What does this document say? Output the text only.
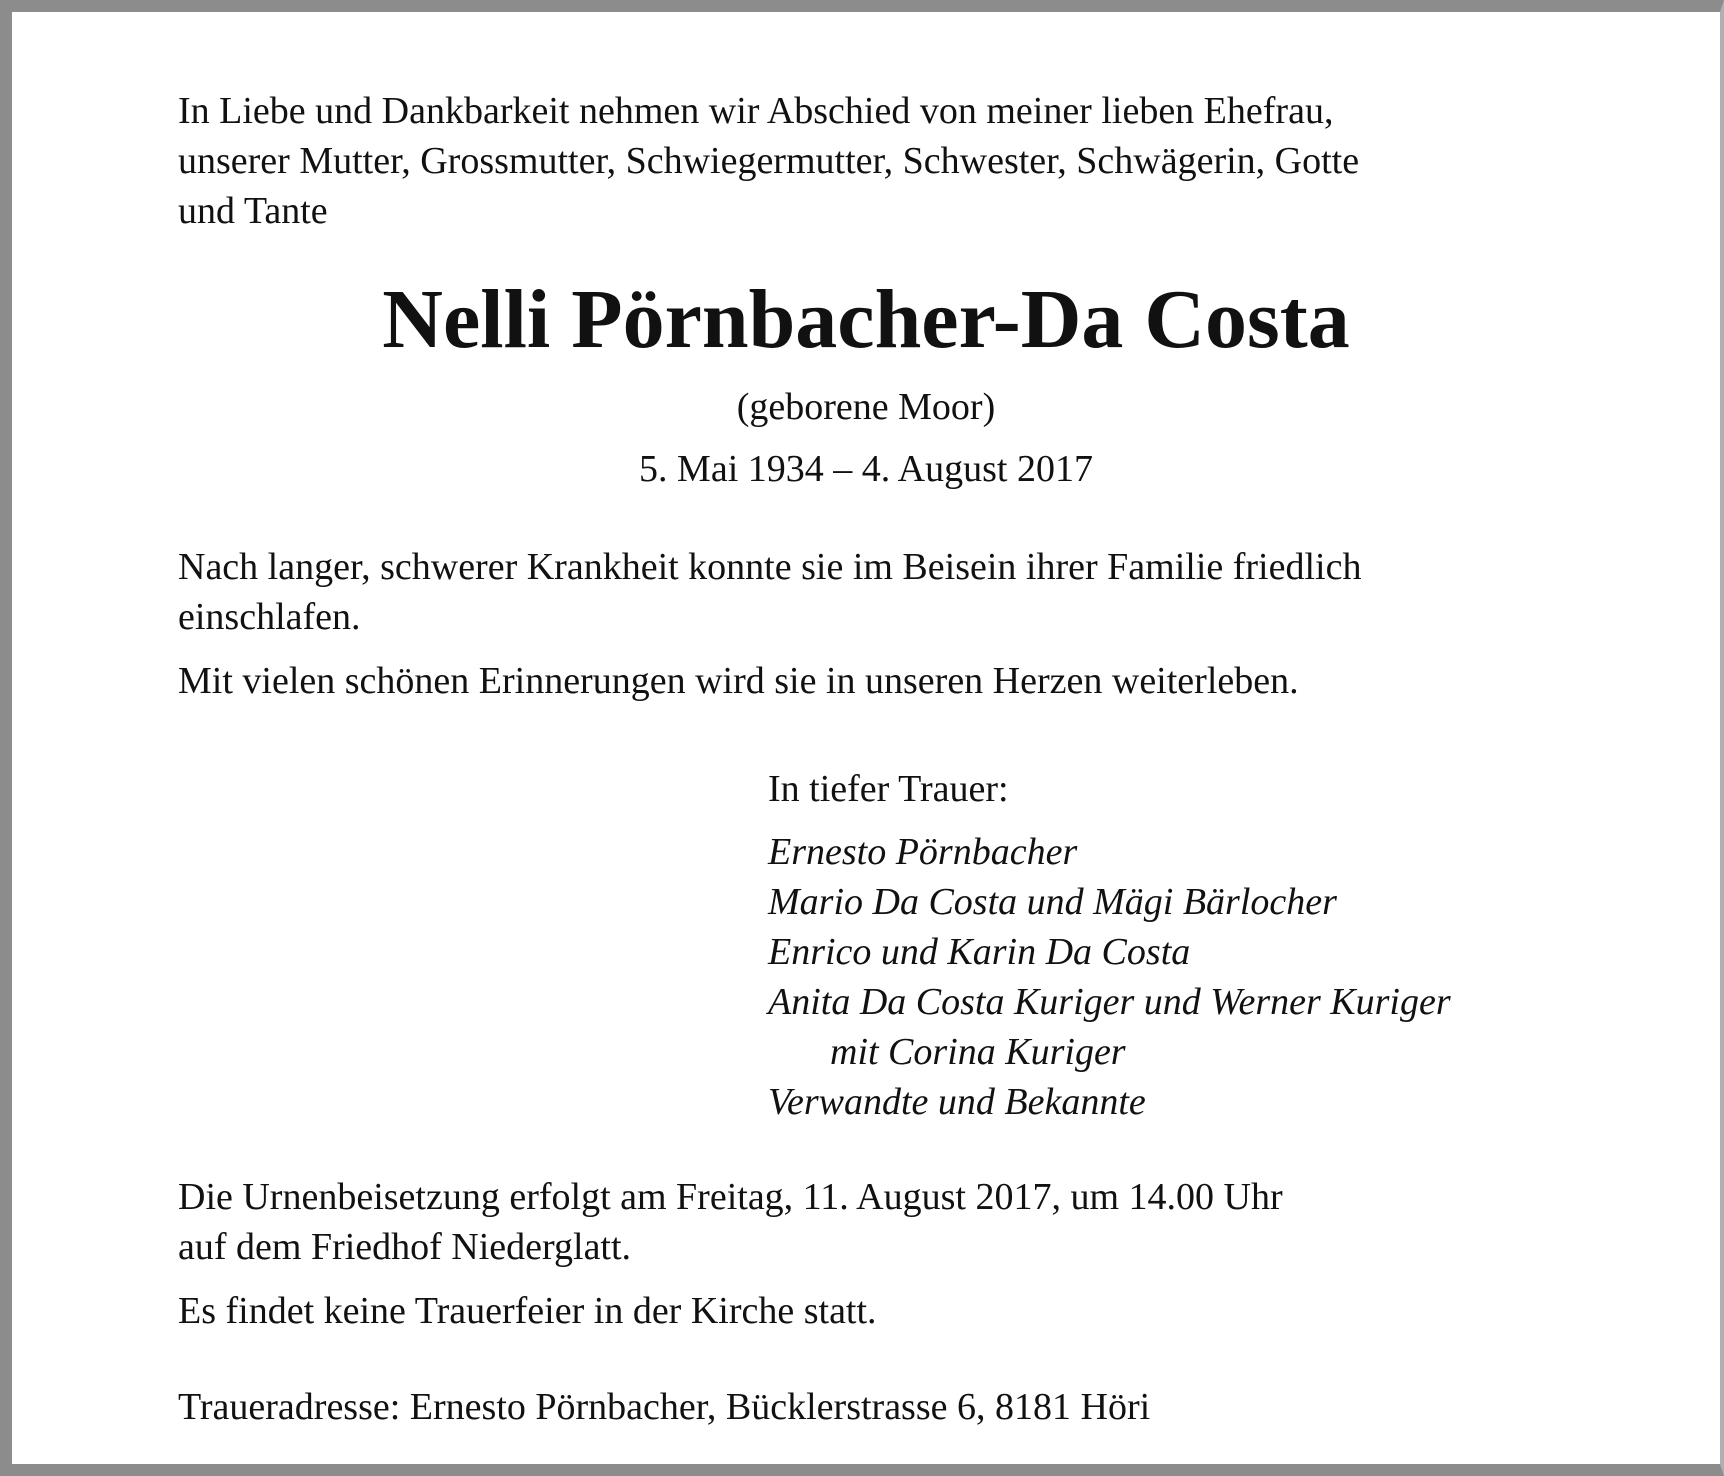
In Liebe und Dankbarkeit nehmen wir Abschied von meiner lieben Ehefrau,
unserer Mutter, Grossmutter, Schwiegermutter, Schwester, Schwägerin, Gotte
und Tante

Nelli Pörnbacher-Da Costa

(geborene Moor)

5. Mai 1934 – 4. August 2017

Nach langer, schwerer Krankheit konnte sie im Beisein ihrer Familie friedlich
einschlafen.

Mit vielen schönen Erinnerungen wird sie in unseren Herzen weiterleben.

In tiefer Trauer:

Ernesto Pörnbacher
Mario Da Costa und Mägi Bärlocher
Enrico und Karin Da Costa
Anita Da Costa Kuriger und Werner Kuriger
mit Corina Kuriger
Verwandte und Bekannte

Die Urnenbeisetzung erfolgt am Freitag, 11. August 2017, um 14.00 Uhr
auf dem Friedhof Niederglatt.

Es findet keine Trauerfeier in der Kirche statt.

Traueradresse: Ernesto Pörnbacher, Bücklerstrasse 6, 8181 Höri
